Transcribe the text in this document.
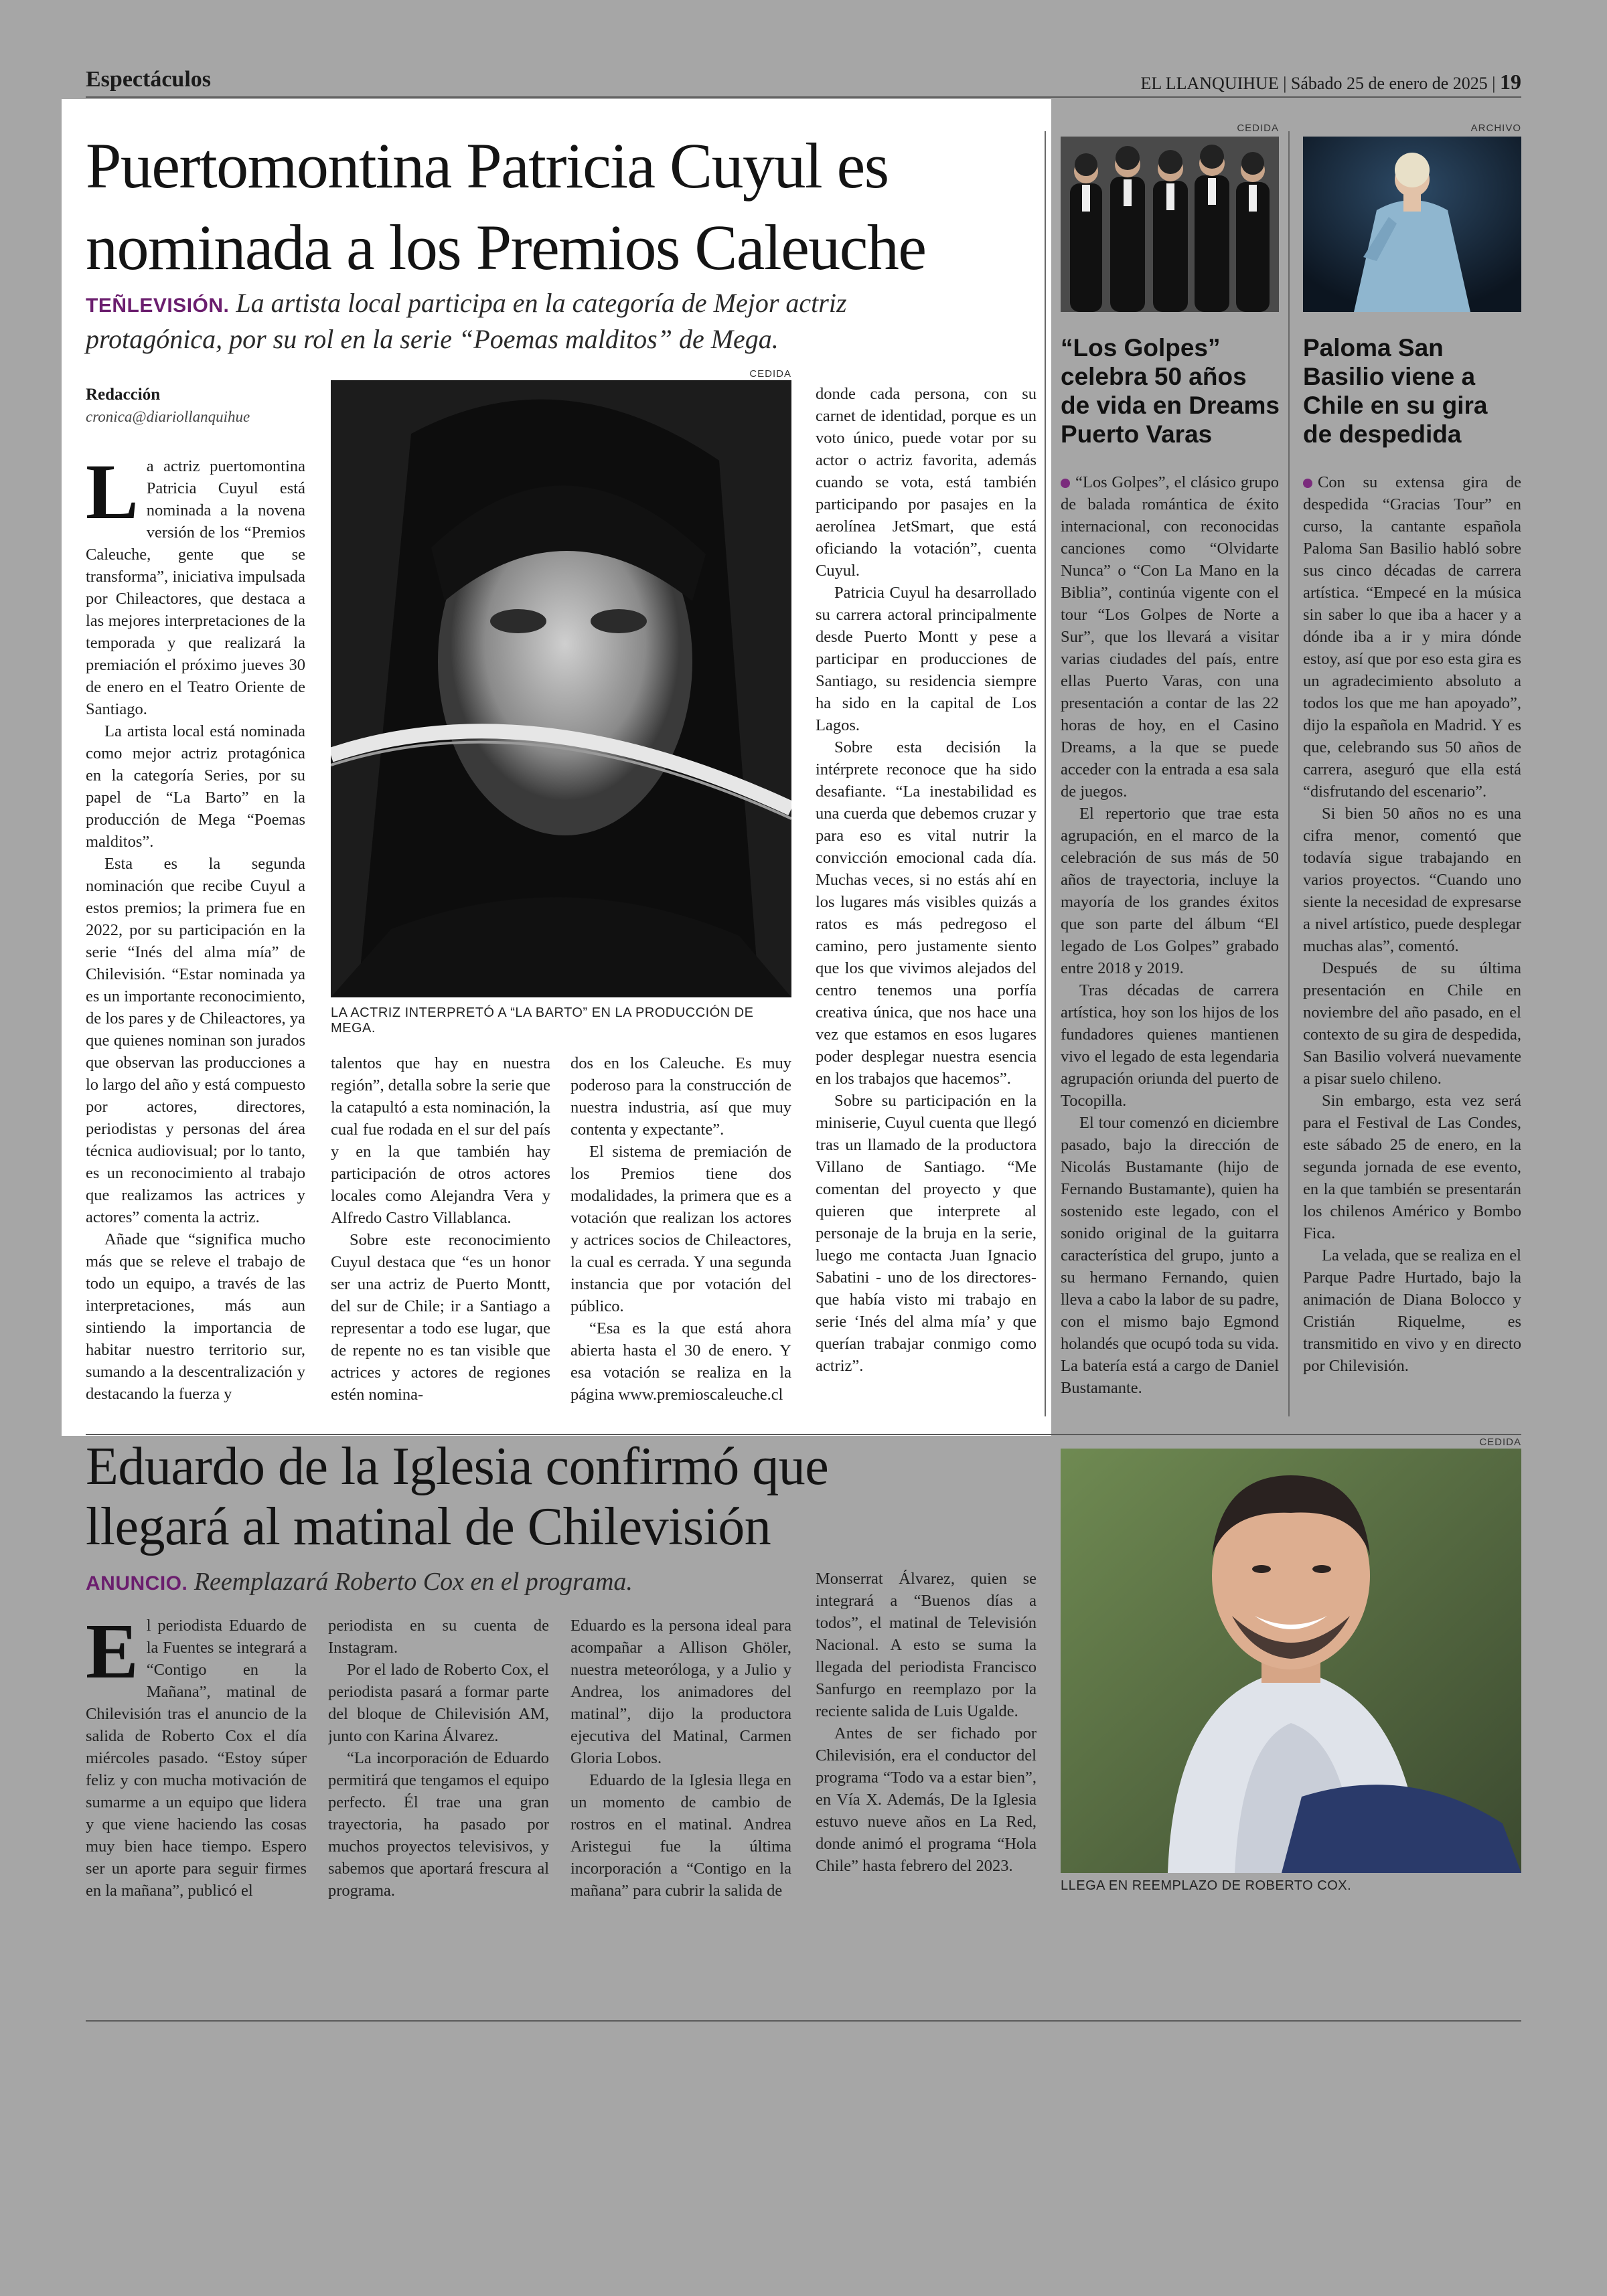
Espectáculos	EL LLANQUIHUE | Sábado 25 de enero de 2025 | 19
Puertomontina Patricia Cuyul es
nominada a los Premios Caleuche
TEÑLEVISIÓN. La artista local participa en la categoría de Mejor actriz protagónica, por su rol en la serie “Poemas malditos” de Mega.
Redacción
cronica@diariollanquihue
L a actriz puertomontina Patricia Cuyul está nominada a la novena versión de los “Premios Caleuche, gente que se transforma”, iniciativa impulsada por Chileactores, que destaca a las mejores interpretaciones de la temporada y que realizará la premiación el próximo jueves 30 de enero en el Teatro Oriente de Santiago.

La artista local está nominada como mejor actriz protagónica en la categoría Series, por su papel de “La Barto” en la producción de Mega “Poemas malditos”.

Esta es la segunda nominación que recibe Cuyul a estos premios; la primera fue en 2022, por su participación en la serie “Inés del alma mía” de Chilevisión. “Estar nominada ya es un importante reconocimiento, de los pares y de Chileactores, ya que quienes nominan son jurados que observan las producciones a lo largo del año y está compuesto por actores, directores, periodistas y personas del área técnica audiovisual; por lo tanto, es un reconocimiento al trabajo que realizamos las actrices y actores” comenta la actriz.

Añade que “significa mucho más que se releve el trabajo de todo un equipo, a través de las interpretaciones, más aun sintiendo la importancia de habitar nuestro territorio sur, sumando a la descentralización y destacando la fuerza y

CEDIDA
LA ACTRIZ INTERPRETÓ A “LA BARTO” EN LA PRODUCCIÓN DE MEGA.

talentos que hay en nuestra región”, detalla sobre la serie que la catapultó a esta nominación, la cual fue rodada en el sur del país y en la que también hay participación de otros actores locales como Alejandra Vera y Alfredo Castro Villablanca.

Sobre este reconocimiento Cuyul destaca que “es un honor ser una actriz de Puerto Montt, del sur de Chile; ir a Santiago a representar a todo ese lugar, que de repente no es tan visible que actrices y actores de regiones estén nomina-

dos en los Caleuche. Es muy poderoso para la construcción de nuestra industria, así que muy contenta y expectante”.

El sistema de premiación de los Premios tiene dos modalidades, la primera que es a votación que realizan los actores y actrices socios de Chileactores, la cual es cerrada. Y una segunda instancia que por votación del público.

“Esa es la que está ahora abierta hasta el 30 de enero. Y esa votación se realiza en la página www.premioscaleuche.cl

donde cada persona, con su carnet de identidad, porque es un voto único, puede votar por su actor o actriz favorita, además cuando se vota, está también participando por pasajes en la aerolínea JetSmart, que está oficiando la votación”, cuenta Cuyul.

Patricia Cuyul ha desarrollado su carrera actoral principalmente desde Puerto Montt y pese a participar en producciones de Santiago, su residencia siempre ha sido en la capital de Los Lagos.

Sobre esta decisión la intérprete reconoce que ha sido desafiante. “La inestabilidad es una cuerda que debemos cruzar y para eso es vital nutrir la convicción emocional cada día. Muchas veces, si no estás ahí en los lugares más visibles quizás a ratos es más pedregoso el camino, pero justamente siento que los que vivimos alejados del centro tenemos una porfía creativa única, que nos hace una vez que estamos en esos lugares poder desplegar nuestra esencia en los trabajos que hacemos”.

Sobre su participación en la miniserie, Cuyul cuenta que llegó tras un llamado de la productora Villano de Santiago. “Me comentan del proyecto y que quieren que interprete al personaje de la bruja en la serie, luego me contacta Juan Ignacio Sabatini - uno de los directores- que había visto mi trabajo en serie ‘Inés del alma mía’ y que querían trabajar conmigo como actriz”.

CEDIDA
“Los Golpes” celebra 50 años de vida en Dreams Puerto Varas

“Los Golpes”, el clásico grupo de balada romántica de éxito internacional, con reconocidas canciones como “Olvidarte Nunca” o “Con La Mano en la Biblia”, continúa vigente con el tour “Los Golpes de Norte a Sur”, que los llevará a visitar varias ciudades del país, entre ellas Puerto Varas, con una presentación a contar de las 22 horas de hoy, en el Casino Dreams, a la que se puede acceder con la entrada a esa sala de juegos.

El repertorio que trae esta agrupación, en el marco de la celebración de sus más de 50 años de trayectoria, incluye la mayoría de los grandes éxitos que son parte del álbum “El legado de Los Golpes” grabado entre 2018 y 2019.

Tras décadas de carrera artística, hoy son los hijos de los fundadores quienes mantienen vivo el legado de esta legendaria agrupación oriunda del puerto de Tocopilla.

El tour comenzó en diciembre pasado, bajo la dirección de Nicolás Bustamante (hijo de Fernando Bustamante), quien ha sostenido este legado, con el sonido original de la guitarra característica del grupo, junto a su hermano Fernando, quien lleva a cabo la labor de su padre, con el mismo bajo Egmond holandés que ocupó toda su vida. La batería está a cargo de Daniel Bustamante.

ARCHIVO
Paloma San Basilio viene a Chile en su gira de despedida

Con su extensa gira de despedida “Gracias Tour” en curso, la cantante española Paloma San Basilio habló sobre sus cinco décadas de carrera artística. “Empecé en la música sin saber lo que iba a hacer y a dónde iba a ir y mira dónde estoy, así que por eso esta gira es un agradecimiento absoluto a todos los que me han apoyado”, dijo la española en Madrid. Y es que, celebrando sus 50 años de carrera, aseguró que ella está “disfrutando del escenario”.

Si bien 50 años no es una cifra menor, comentó que todavía sigue trabajando en varios proyectos. “Cuando uno siente la necesidad de expresarse a nivel artístico, puede desplegar muchas alas”, comentó.

Después de su última presentación en Chile en noviembre del año pasado, en el contexto de su gira de despedida, San Basilio volverá nuevamente a pisar suelo chileno.

Sin embargo, esta vez será para el Festival de Las Condes, este sábado 25 de enero, en la segunda jornada de ese evento, en la que también se presentarán los chilenos Américo y Bombo Fica.

La velada, que se realiza en el Parque Padre Hurtado, bajo la animación de Diana Bolocco y Cristián Riquelme, es transmitido en vivo y en directo por Chilevisión.

Eduardo de la Iglesia confirmó que
llegará al matinal de Chilevisión
ANUNCIO. Reemplazará Roberto Cox en el programa.
E l periodista Eduardo de la Fuentes se integrará a “Contigo en la Mañana”, matinal de Chilevisión tras el anuncio de la salida de Roberto Cox el día miércoles pasado. “Estoy súper feliz y con mucha motivación de sumarme a un equipo que lidera y que viene haciendo las cosas muy bien hace tiempo. Espero ser un aporte para seguir firmes en la mañana”, publicó el

periodista en su cuenta de Instagram.

Por el lado de Roberto Cox, el periodista pasará a formar parte del bloque de Chilevisión AM, junto con Karina Álvarez.

“La incorporación de Eduardo permitirá que tengamos el equipo perfecto. Él trae una gran trayectoria, ha pasado por muchos proyectos televisivos, y sabemos que aportará frescura al programa.

Eduardo es la persona ideal para acompañar a Allison Ghöler, nuestra meteoróloga, y a Julio y Andrea, los animadores del matinal”, dijo la productora ejecutiva del Matinal, Carmen Gloria Lobos.

Eduardo de la Iglesia llega en un momento de cambio de rostros en el matinal. Andrea Aristegui fue la última incorporación a “Contigo en la mañana” para cubrir la salida de

Monserrat Álvarez, quien se integrará a “Buenos días a todos”, el matinal de Televisión Nacional. A esto se suma la llegada del periodista Francisco Sanfurgo en reemplazo por la reciente salida de Luis Ugalde.

Antes de ser fichado por Chilevisión, era el conductor del programa “Todo va a estar bien”, en Vía X. Además, De la Iglesia estuvo nueve años en La Red, donde animó el programa “Hola Chile” hasta febrero del 2023.

CEDIDA
LLEGA EN REEMPLAZO DE ROBERTO COX.
